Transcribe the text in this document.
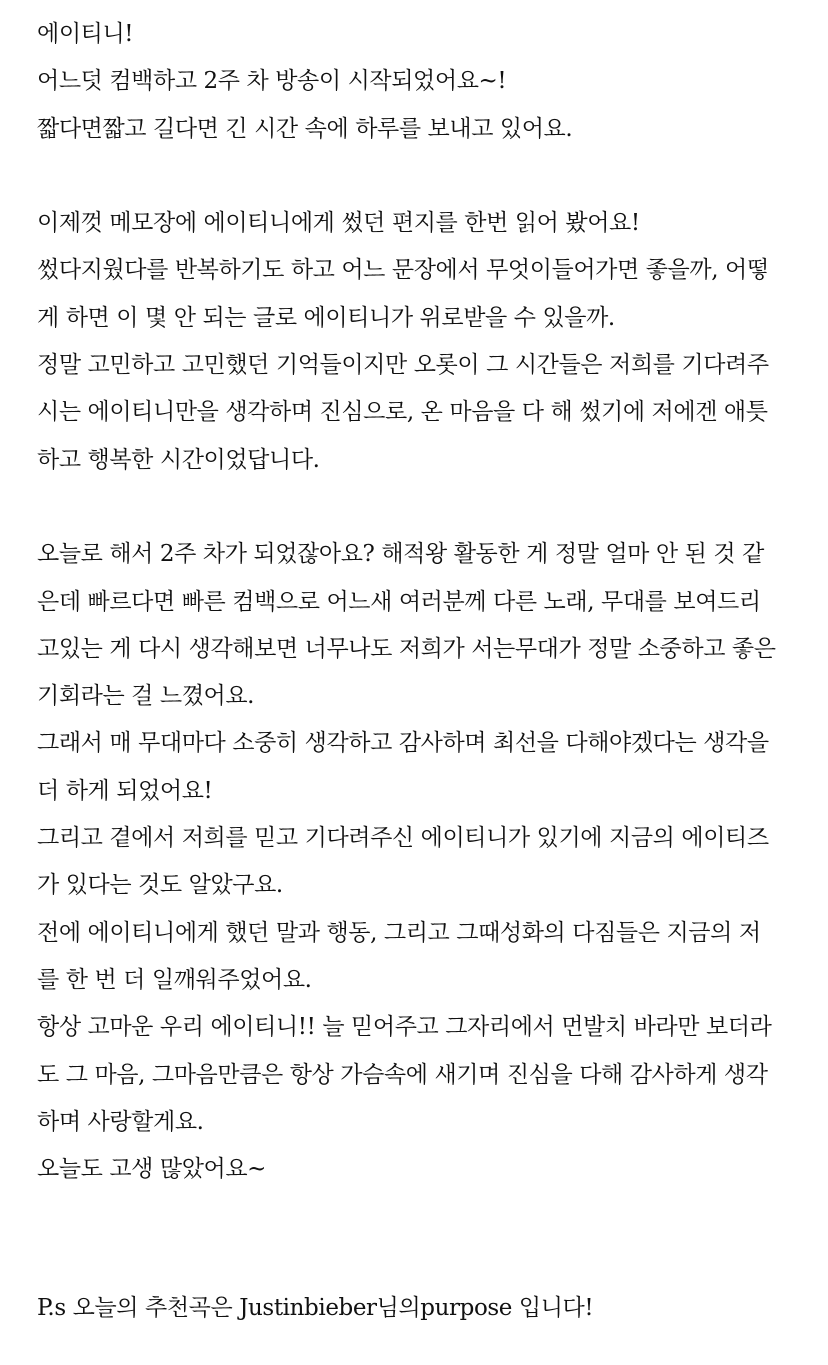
에이티니!
어느덧 컴백하고 2주 차 방송이 시작되었어요~!
짧다면짧고 길다면 긴 시간 속에 하루를 보내고 있어요.
이제껏 메모장에 에이티니에게 썼던 편지를 한번 읽어 봤어요!
썼다지웠다를 반복하기도 하고 어느 문장에서 무엇이들어가면 좋을까, 어떻
게 하면 이 몇 안 되는 글로 에이티니가 위로받을 수 있을까.
정말 고민하고 고민했던 기억들이지만 오롯이 그 시간들은 저희를 기다려주
시는 에이티니만을 생각하며 진심으로, 온 마음을 다 해 썼기에 저에겐 애틋
하고 행복한 시간이었답니다.
오늘로 해서 2주 차가 되었잖아요? 해적왕 활동한 게 정말 얼마 안 된 것 같
은데 빠르다면 빠른 컴백으로 어느새 여러분께 다른 노래, 무대를 보여드리
고있는 게 다시 생각해보면 너무나도 저희가 서는무대가 정말 소중하고 좋은
기회라는 걸 느꼈어요.
그래서 매 무대마다 소중히 생각하고 감사하며 최선을 다해야겠다는 생각을
더 하게 되었어요!
그리고 곁에서 저희를 믿고 기다려주신 에이티니가 있기에 지금의 에이티즈
가 있다는 것도 알았구요.
전에 에이티니에게 했던 말과 행동, 그리고 그때성화의 다짐들은 지금의 저
를 한 번 더 일깨워주었어요.
항상 고마운 우리 에이티니!! 늘 믿어주고 그자리에서 먼발치 바라만 보더라
도 그 마음, 그마음만큼은 항상 가슴속에 새기며 진심을 다해 감사하게 생각
하며 사랑할게요.
오늘도 고생 많았어요~
P.s 오늘의 추천곡은 Justinbieber님의purpose 입니다!
